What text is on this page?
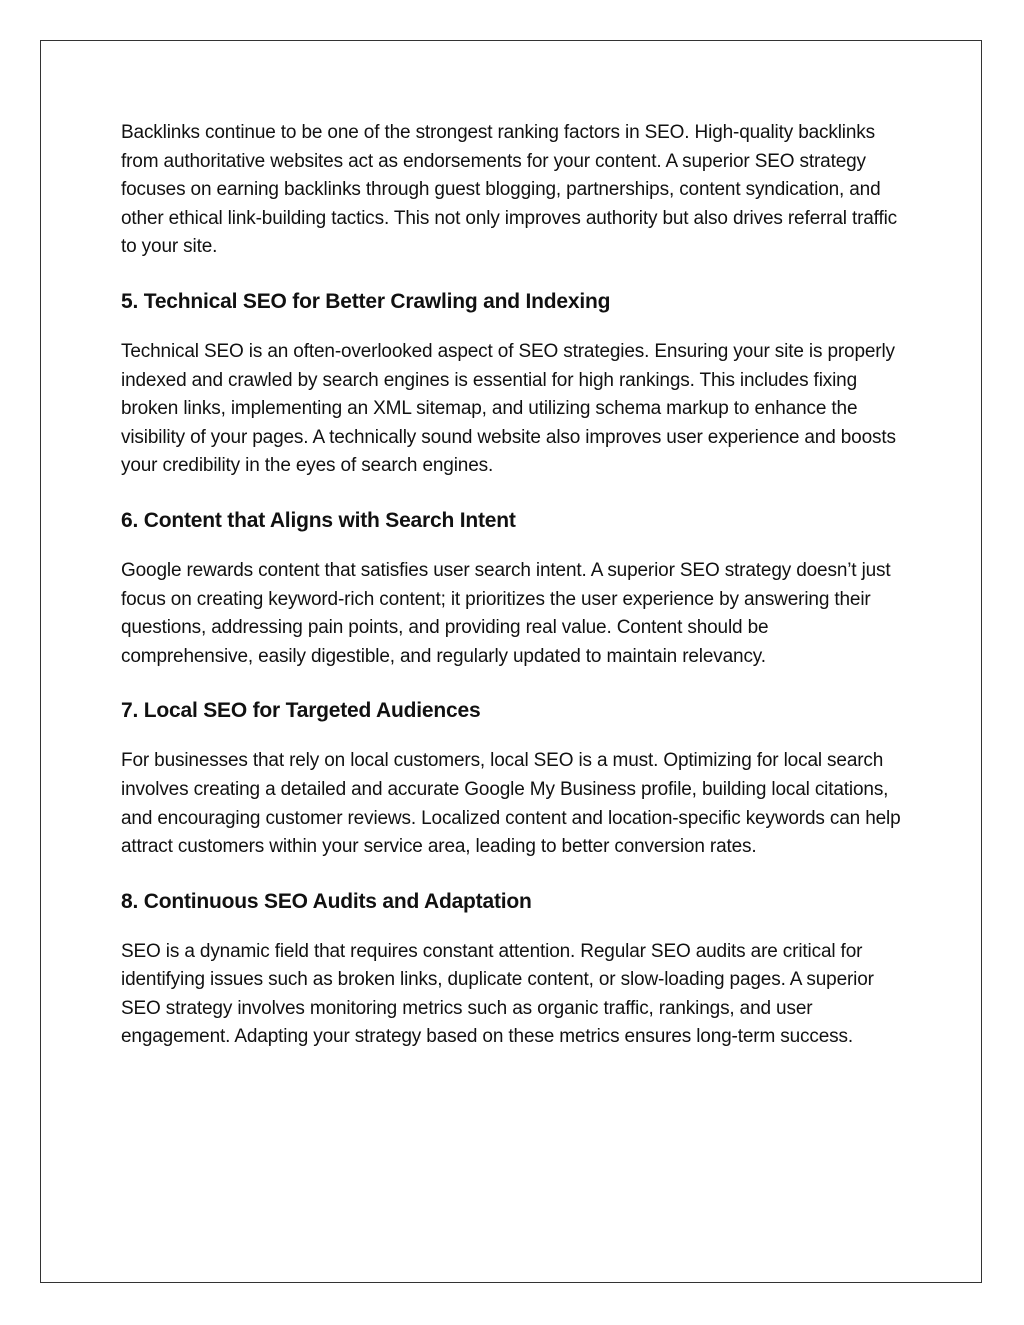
Backlinks continue to be one of the strongest ranking factors in SEO. High-quality backlinks from authoritative websites act as endorsements for your content. A superior SEO strategy focuses on earning backlinks through guest blogging, partnerships, content syndication, and other ethical link-building tactics. This not only improves authority but also drives referral traffic to your site.

5. Technical SEO for Better Crawling and Indexing

Technical SEO is an often-overlooked aspect of SEO strategies. Ensuring your site is properly indexed and crawled by search engines is essential for high rankings. This includes fixing broken links, implementing an XML sitemap, and utilizing schema markup to enhance the visibility of your pages. A technically sound website also improves user experience and boosts your credibility in the eyes of search engines.

6. Content that Aligns with Search Intent

Google rewards content that satisfies user search intent. A superior SEO strategy doesn’t just focus on creating keyword-rich content; it prioritizes the user experience by answering their questions, addressing pain points, and providing real value. Content should be comprehensive, easily digestible, and regularly updated to maintain relevancy.

7. Local SEO for Targeted Audiences

For businesses that rely on local customers, local SEO is a must. Optimizing for local search involves creating a detailed and accurate Google My Business profile, building local citations, and encouraging customer reviews. Localized content and location-specific keywords can help attract customers within your service area, leading to better conversion rates.

8. Continuous SEO Audits and Adaptation

SEO is a dynamic field that requires constant attention. Regular SEO audits are critical for identifying issues such as broken links, duplicate content, or slow-loading pages. A superior SEO strategy involves monitoring metrics such as organic traffic, rankings, and user engagement. Adapting your strategy based on these metrics ensures long-term success.
